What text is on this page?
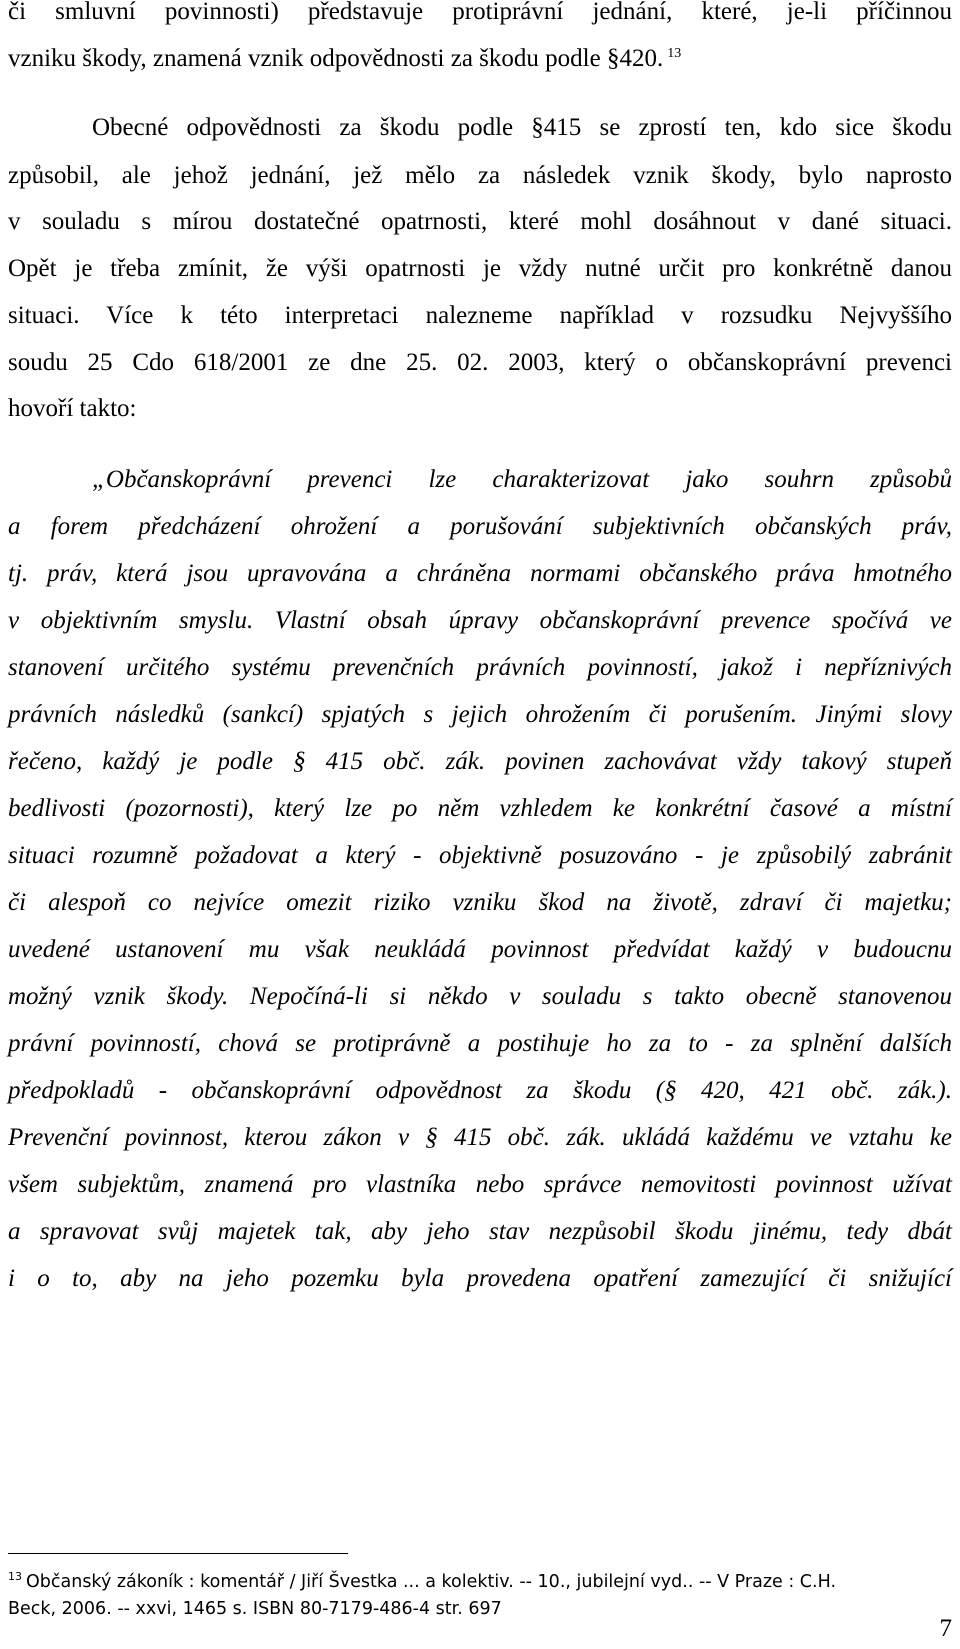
či smluvní povinnosti) představuje protiprávní jednání, které, je-li příčinnou
vzniku škody, znamená vznik odpovědnosti za škodu podle §420. $^{13}$
Obecné odpovědnosti za škodu podle §415 se zprostí ten, kdo sice škodu
způsobil, ale jehož jednání, jež mělo za následek vznik škody, bylo naprosto
v souladu s mírou dostatečné opatrnosti, které mohl dosáhnout v dané situaci.
Opět je třeba zmínit, že výši opatrnosti je vždy nutné určit pro konkrétně danou
situaci. Více k této interpretaci nalezneme například v rozsudku Nejvyššího
soudu 25 Cdo 618/2001 ze dne 25. 02. 2003, který o občanskoprávní prevenci
hovoří takto:
„Občanskoprávní prevenci lze charakterizovat jako souhrn způsobů
a forem předcházení ohrožení a porušování subjektivních občanských práv,
tj. práv, která jsou upravována a chráněna normami občanského práva hmotného
v objektivním smyslu. Vlastní obsah úpravy občanskoprávní prevence spočívá ve
stanovení určitého systému prevenčních právních povinností, jakož i nepříznivých
právních následků (sankcí) spjatých s jejich ohrožením či porušením. Jinými slovy
řečeno, každý je podle § 415 obč. zák. povinen zachovávat vždy takový stupeň
bedlivosti (pozornosti), který lze po něm vzhledem ke konkrétní časové a místní
situaci rozumně požadovat a který - objektivně posuzováno - je způsobilý zabránit
či alespoň co nejvíce omezit riziko vzniku škod na životě, zdraví či majetku;
uvedené ustanovení mu však neukládá povinnost předvídat každý v budoucnu
možný vznik škody. Nepočíná-li si někdo v souladu s takto obecně stanovenou
právní povinností, chová se protiprávně a postihuje ho za to - za splnění dalších
předpokladů - občanskoprávní odpovědnost za škodu (§ 420, 421 obč. zák.).
Prevenční povinnost, kterou zákon v § 415 obč. zák. ukládá každému ve vztahu ke
všem subjektům, znamená pro vlastníka nebo správce nemovitosti povinnost užívat
a spravovat svůj majetek tak, aby jeho stav nezpůsobil škodu jinému, tedy dbát
i o to, aby na jeho pozemku byla provedena opatření zamezující či snižující
$^{13}$ Občanský zákoník : komentář / Jiří Švestka ... a kolektiv. -- 10., jubilejní vyd.. -- V Praze : C.H.
Beck, 2006. -- xxvi, 1465 s. ISBN 80-7179-486-4 str. 697
7
